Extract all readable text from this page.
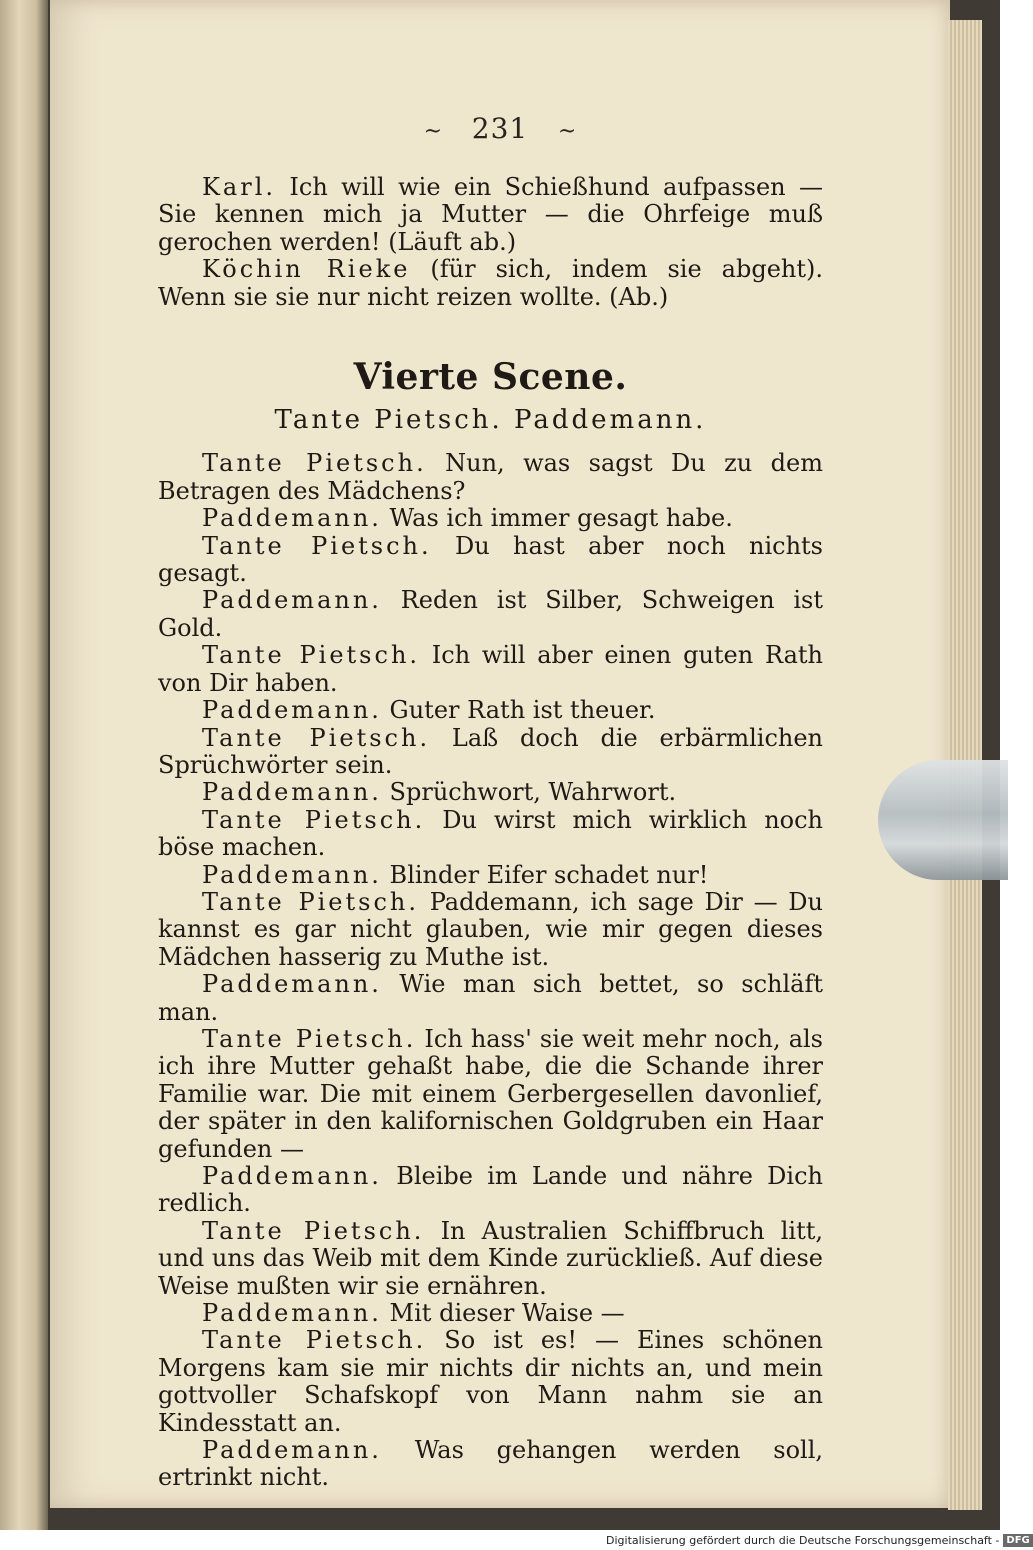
~ 231 ~

Karl. Ich will wie ein Schießhund aufpassen — Sie kennen mich ja Mutter — die Ohrfeige muß gerochen werden! (Läuft ab.)

Köchin Rieke (für sich, indem sie abgeht). Wenn sie sie nur nicht reizen wollte. (Ab.)

Vierte Scene.

Tante Pietsch. Paddemann.

Tante Pietsch. Nun, was sagst Du zu dem Betragen des Mädchens?

Paddemann. Was ich immer gesagt habe.

Tante Pietsch. Du hast aber noch nichts gesagt.

Paddemann. Reden ist Silber, Schweigen ist Gold.

Tante Pietsch. Ich will aber einen guten Rath von Dir haben.

Paddemann. Guter Rath ist theuer.

Tante Pietsch. Laß doch die erbärmlichen Sprüchwörter sein.

Paddemann. Sprüchwort, Wahrwort.

Tante Pietsch. Du wirst mich wirklich noch böse machen.

Paddemann. Blinder Eifer schadet nur!

Tante Pietsch. Paddemann, ich sage Dir — Du kannst es gar nicht glauben, wie mir gegen dieses Mädchen hasserig zu Muthe ist.

Paddemann. Wie man sich bettet, so schläft man.

Tante Pietsch. Ich hass' sie weit mehr noch, als ich ihre Mutter gehaßt habe, die die Schande ihrer Familie war. Die mit einem Gerbergesellen davonlief, der später in den kalifornischen Goldgruben ein Haar gefunden —

Paddemann. Bleibe im Lande und nähre Dich redlich.

Tante Pietsch. In Australien Schiffbruch litt, und uns das Weib mit dem Kinde zurückließ. Auf diese Weise mußten wir sie ernähren.

Paddemann. Mit dieser Waise —

Tante Pietsch. So ist es! — Eines schönen Morgens kam sie mir nichts dir nichts an, und mein gottvoller Schafskopf von Mann nahm sie an Kindesstatt an.

Paddemann. Was gehangen werden soll, ertrinkt nicht.

Digitalisierung gefördert durch die Deutsche Forschungsgemeinschaft - DFG
